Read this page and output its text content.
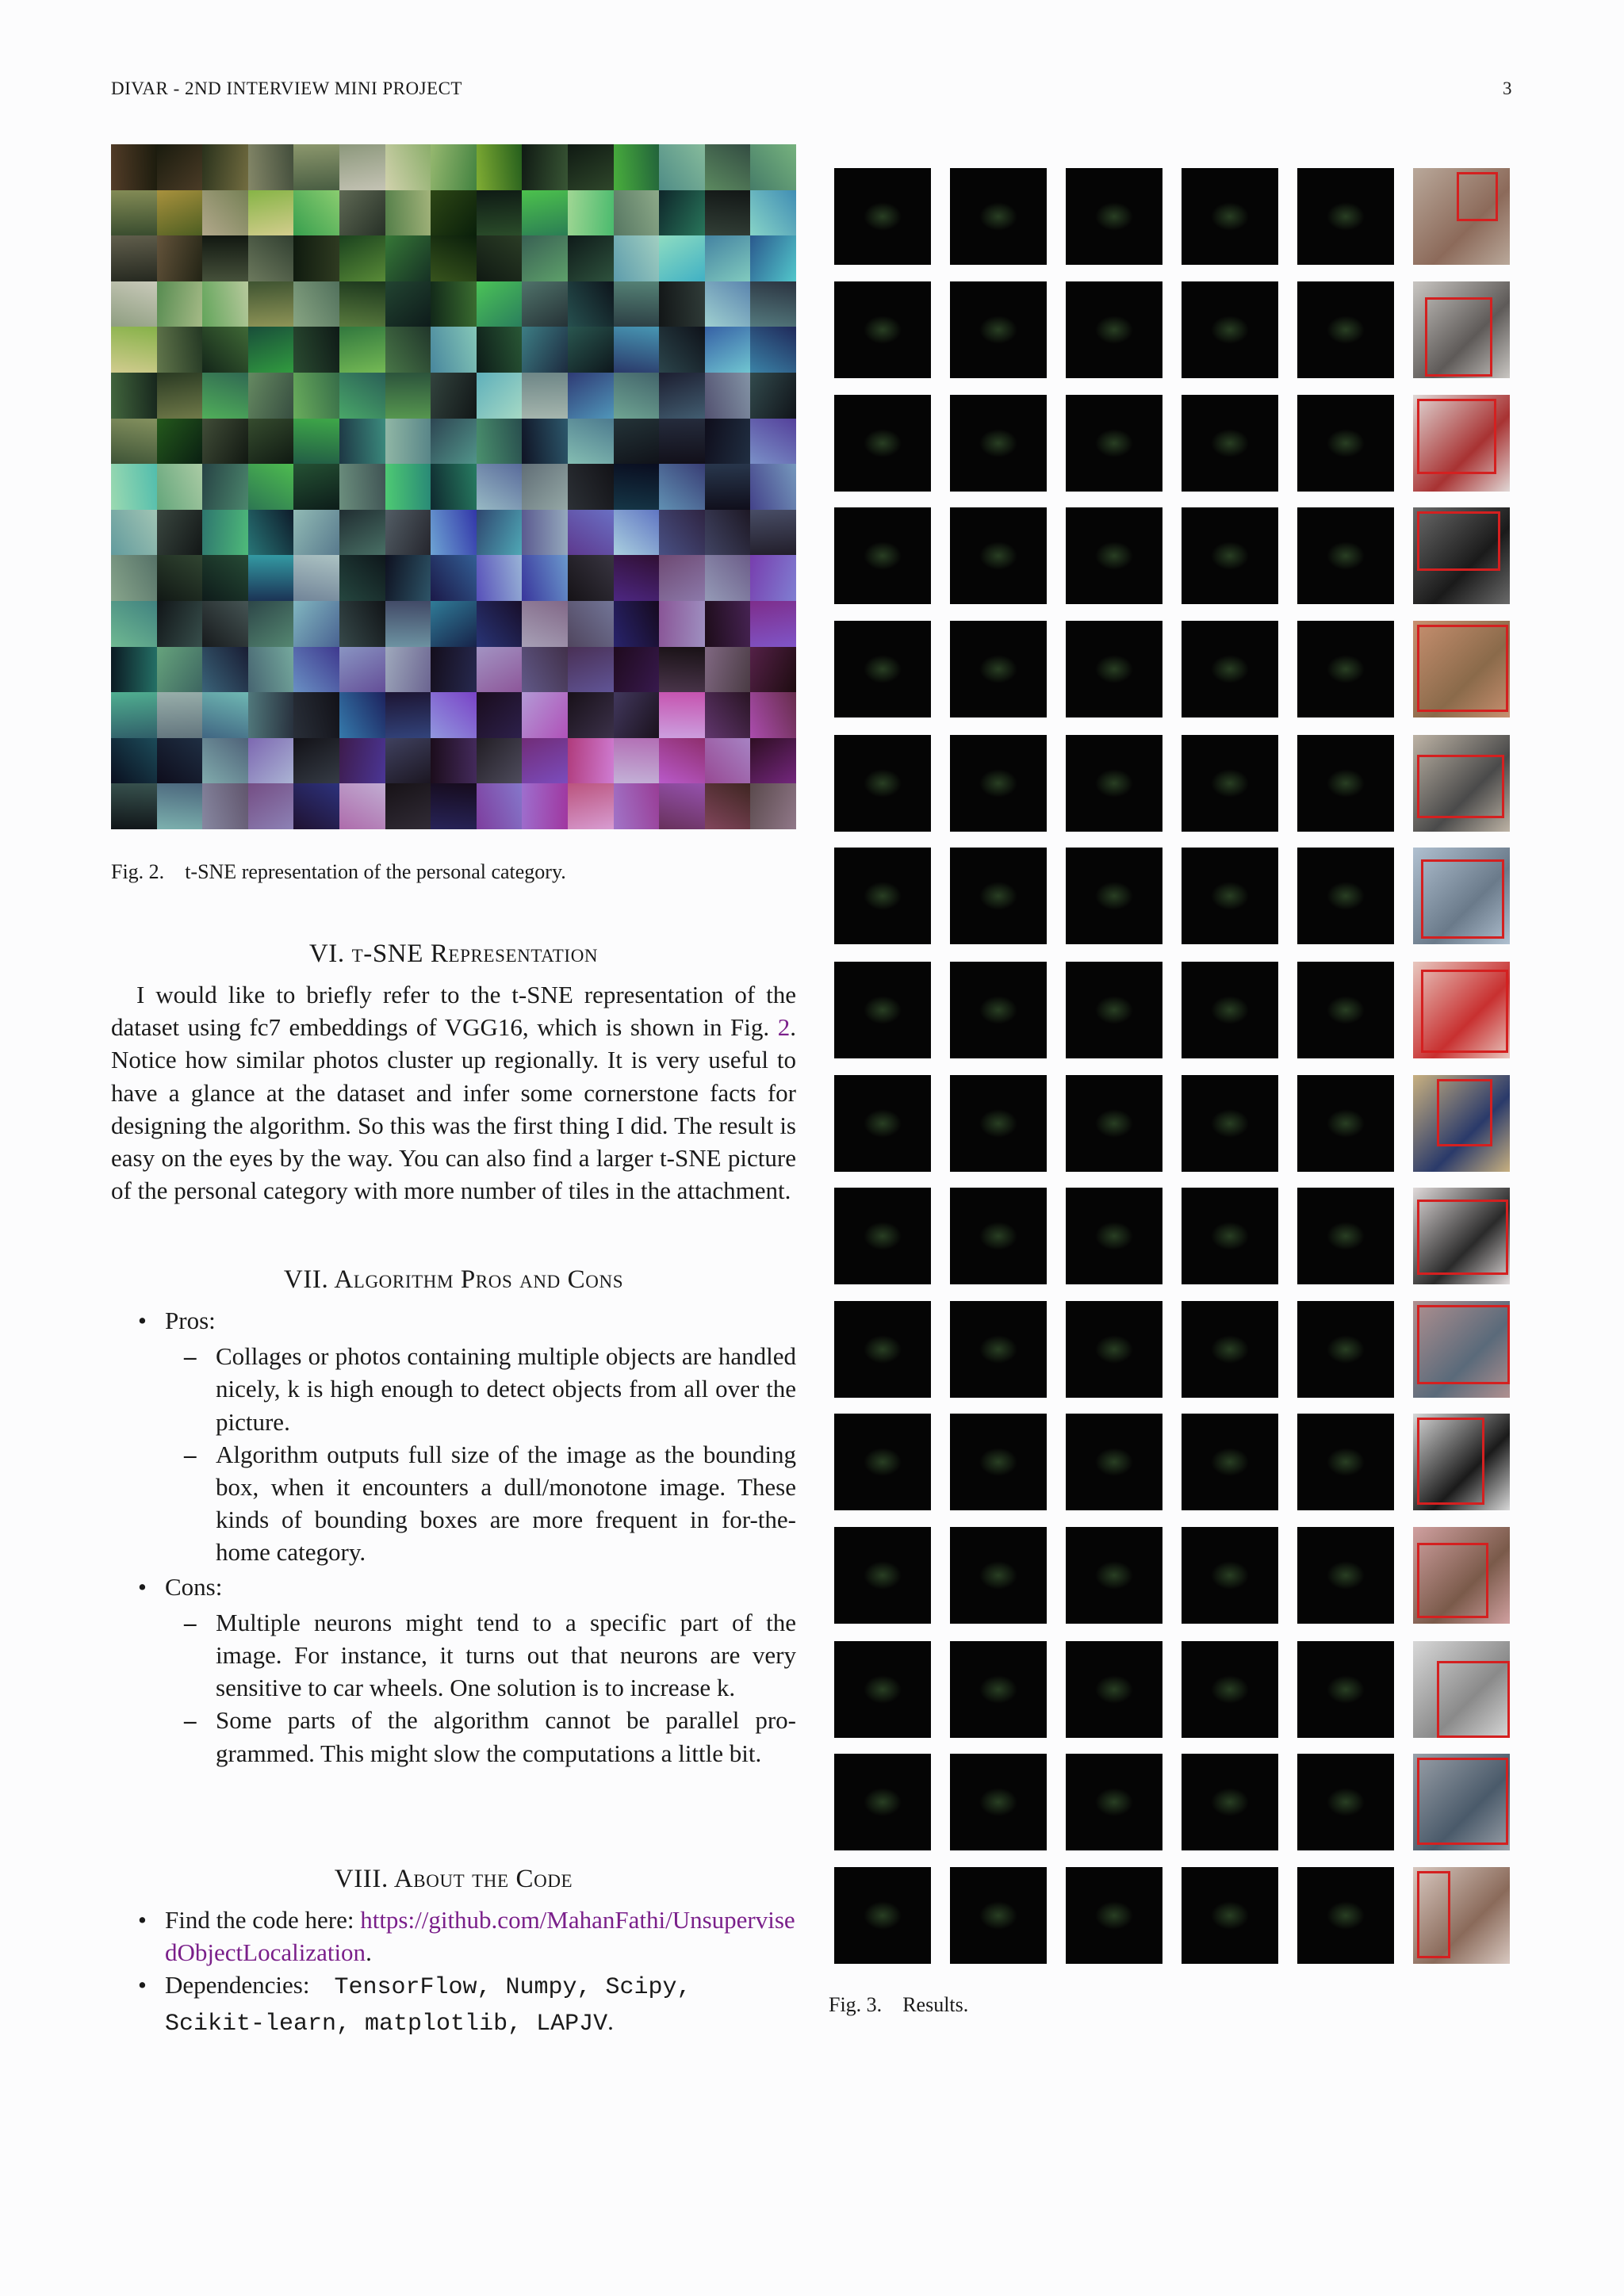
DIVAR - 2ND INTERVIEW MINI PROJECT	3
Fig. 2. t-SNE representation of the personal category.
VI. t-SNE Representation
I would like to briefly refer to the t-SNE representation of the dataset using fc7 embeddings of VGG16, which is shown in Fig. 2. Notice how similar photos cluster up regionally. It is very useful to have a glance at the dataset and infer some cornerstone facts for designing the algorithm. So this was the first thing I did. The result is easy on the eyes by the way. You can also find a larger t-SNE picture of the personal category with more number of tiles in the attachment.
VII. Algorithm Pros and Cons
• Pros:
– Collages or photos containing multiple objects are handled nicely, k is high enough to detect objects from all over the picture.
– Algorithm outputs full size of the image as the bounding box, when it encounters a dull/monotone image. These kinds of bounding boxes are more frequent in for-the-home category.
• Cons:
– Multiple neurons might tend to a specific part of the image. For instance, it turns out that neurons are very sensitive to car wheels. One solution is to increase k.
– Some parts of the algorithm cannot be parallel pro-grammed. This might slow the computations a little bit.
VIII. About the Code
• Find the code here: https://github.com/MahanFathi/UnsupervisedObjectLocalization.
• Dependencies: TensorFlow, Numpy, Scipy, Scikit-learn, matplotlib, LAPJV.
Fig. 3. Results.
